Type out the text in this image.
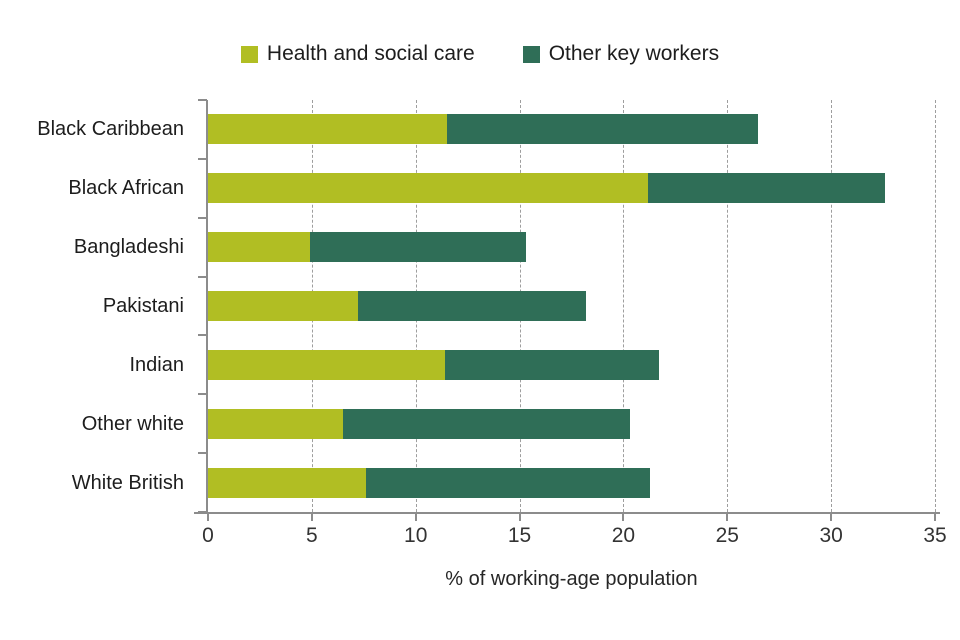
Health and social care	Other key workers
Black Caribbean
Black African
Bangladeshi
Pakistani
Indian
Other white
White British
0	5	10	15	20	25	30	35
% of working-age population
